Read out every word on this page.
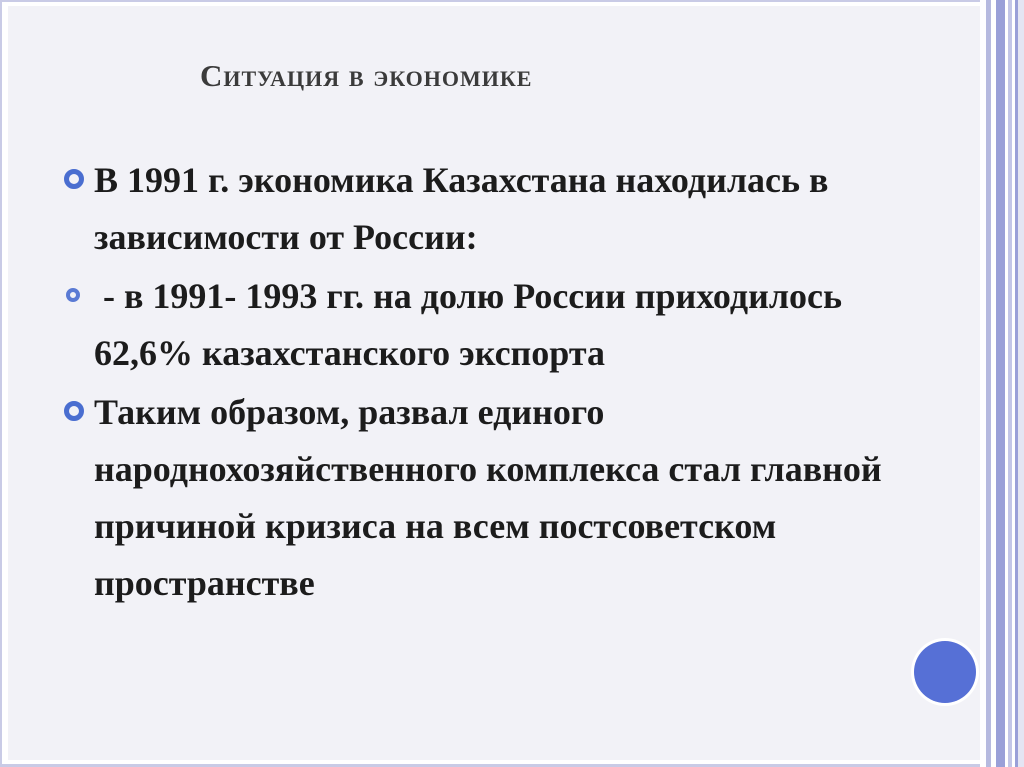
Ситуация в экономике
В 1991 г. экономика Казахстана находилась в зависимости от России:
- в 1991- 1993 гг. на долю России приходилось 62,6% казахстанского экспорта
Таким образом, развал единого народнохозяйственного комплекса стал главной причиной кризиса на всем постсоветском пространстве
